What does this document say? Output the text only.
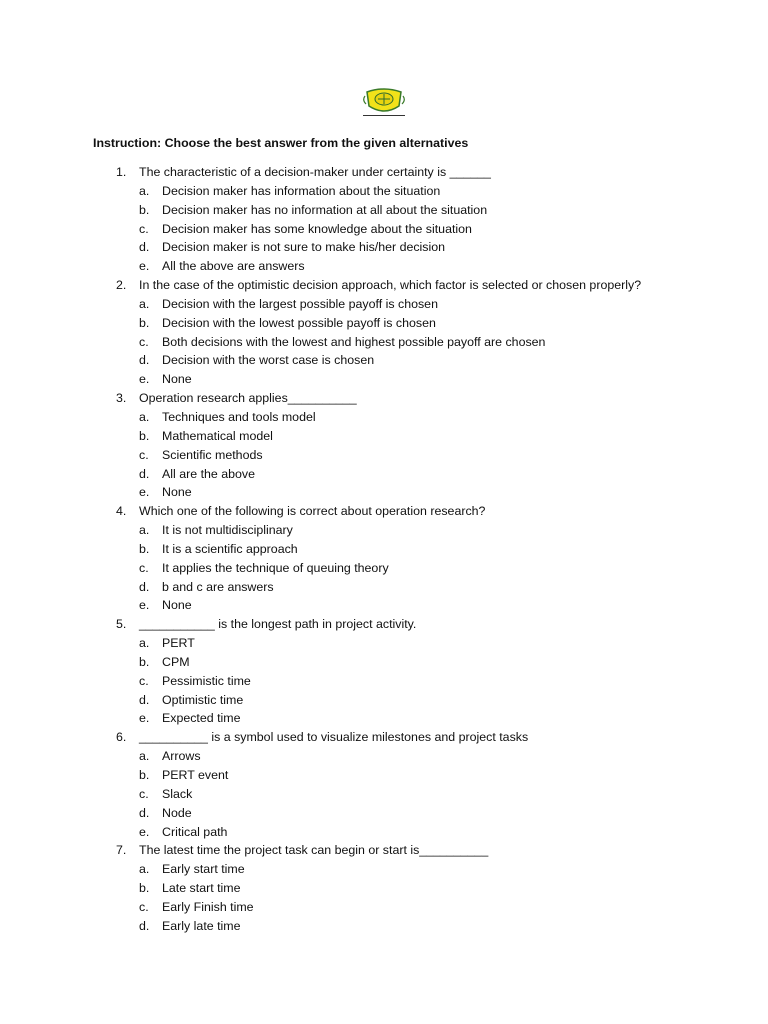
Instruction: Choose the best answer from the given alternatives
1. The characteristic of a decision-maker under certainty is ______
a. Decision maker has information about the situation
b. Decision maker has no information at all about the situation
c. Decision maker has some knowledge about the situation
d. Decision maker is not sure to make his/her decision
e. All the above are answers
2. In the case of the optimistic decision approach, which factor is selected or chosen properly?
a. Decision with the largest possible payoff is chosen
b. Decision with the lowest possible payoff is chosen
c. Both decisions with the lowest and highest possible payoff are chosen
d. Decision with the worst case is chosen
e. None
3. Operation research applies__________
a. Techniques and tools model
b. Mathematical model
c. Scientific methods
d. All are the above
e. None
4. Which one of the following is correct about operation research?
a. It is not multidisciplinary
b. It is a scientific approach
c. It applies the technique of queuing theory
d. b and c are answers
e. None
5. ___________ is the longest path in project activity.
a. PERT
b. CPM
c. Pessimistic time
d. Optimistic time
e. Expected time
6. __________ is a symbol used to visualize milestones and project tasks
a. Arrows
b. PERT event
c. Slack
d. Node
e. Critical path
7. The latest time the project task can begin or start is__________
a. Early start time
b. Late start time
c. Early Finish time
d. Early late time
